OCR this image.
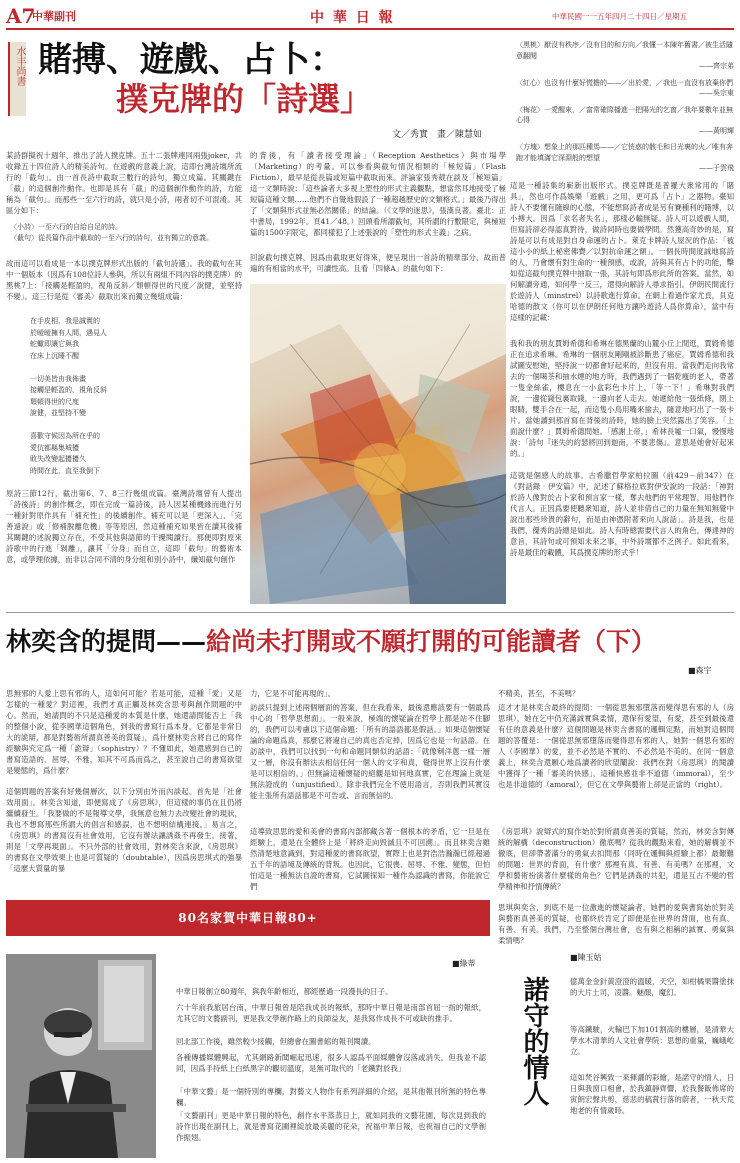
A7
中華副刊	中 華 日 報	中華民國一一五年四月二十四日／星期五
水丰尚書 賭搏、遊戲、占卜：
撲克牌的「詩選」
文／秀實　畫／陳慧如
某詩群擬祝十週年，推出了詩人撲克牌。五十二張牌連同兩張joker，共收錄五十四位詩人的精美詩句。在遊戲的意義上說，這即台灣詩壇所流行的「截句」。由一首長詩中截取三數行的詩句，獨立成篇。其關鍵在「截」的這個創作動作。也即是具有「截」的這個創作動作的詩，方能稱為「截句」。而那些一至六行的詩，就只是小詩，兩者切不可混淆。其區分如下：
〈小詩〉一至六行的自給自足的詩。
〈截句〉從長篇作品中截取的一至六行的詩句，並有獨立的意義。
故而這可以看成是一本以撲克牌形式出版的「截句詩選」。我的截句在其中一個版本（因爲有108位詩人參與，所以有兩組不同內容的撲克牌）的黑桃7上：「接觸是輕盈的，視角反斜／頹頓得世的尺度／說健，並堅持不變」。這三行是從〈審美〉截取出來而獨立幾組成篇：
在手皮相，我是誠實的
於暧暧擁有人間，遇見人
蛇蠍即讓它與我
在床上沉睡不醒

一切美皆由我佈畫
接觸是輕盈的，視角反斜
頹頓得世的尺度
說健，並堅持不變

喜歡守候因為所在乎的
愛伉都縣集城擾
敗失改變起擾擾久
時間在此，直至我倒下
原詩三節12行，截出第6、7、8三行幾組成篇。臺灣詩壇曾有人提出「詩後詩」的創作概念，即在完成一篇詩後，詩人因某種機緣而進行另一種針對原作具有「補充性」的後續創作。補充可以是「更深入」、「完善遠說」或「修補脫離危機」等等原因，然這種補充如果皆在讀其後補其關鍵的述說獨立存在，不受其他與語節的干擾閱讀行。那便即對原來詩歌中的行進「剝離」，讓其「分身」而自立，這即「截句」的藝術本意，或學理依據，而非以合同不清的身分組和別小詩中，纖知截句創作
的背後，有「讀者接受理論」（Reception Aesthetics）與市場學（Marketing）的考量。可以參看與截句情況相類的「極短篇」（Flash Fiction），最早是從長篇或短篇中截取而來。評論家張秀葳在談及「極短篇」這一文類時說：「這些論者大多視上塑性的形式主義觀點，想當然耳地接受了極短篇這種文類……他們不自覺地假設了一種超越歷史的文類格式。」最後乃得出了「文類與形式並無必然關係」的結論。（《文學的迷思》，張漢良著。臺北：正中書局，1992年。頁41／48。）回頭看所謂截句，其所謂的行數限定，與極短篇的1500字限定，都同樣犯了上述張說的「塑性的形式主義」之病。
回說截句撲克牌，因爲由截取更好得來，便呈現出一首詩的精華部分，故而普遍的有相當的水平，可讀性高。且看「四條A」的截句如下：
〈黑桃〉厭沒有秩序／沒有目的和方向／我懂一本陳年舊書／被生活隨意翻閱
——齊宗弟
〈紅心〉也沒有什麼好慌擔的——／出於愛，／我也一直沒有放棄你們
——吳宗東
〈梅花〉一愛醒來，／富常確際播進一把陽光的乞窗／我年要數年並無心得
——黃明輝
〈方塊〉想象上的那匹種馬——／它恍惑的骸毛和日光裏的火／唯有奔跑才能填滿它深淵般的想望
——于雲飛
這是一種詩集的嶄新出版形式。撲克牌既是普羅大衆常用的「賭具」，然也可作爲娛樂「遊戲」之用，更可爲「占卜」之器物。臺知詩人不要懂有隨線的心態，不能想寫詩者成是另有賽種利的賭博，以小搏大。因爲「求名者失名」，那樣必輸無疑。詩人可以遊戲人間，但寫詩卻必得認真對待，做詩同時也要做學問。然獲高奇妙的是，寫詩是可以有成是對自身命運的占卜。萊克卡牌詩人屋況的作品：「被這小小的紙上秘密佛費／以對抗命運之額」。一個長時間度誠地寫詩的人，乃會懷有對生命的一種預感，或說，詩與其有占卜的功能，擊如從這截句撲克牌中抽取一張，其詩句即爲形此所的答案。當然，如何解讀旁通，如何學一反三，還得向解詩人尋求指引。伊朗民間流行於遊詩人（minstrel）以詩歌進行算命。在網上看過作家尤貞，貝克哈德的散文（你可以在伊朗任何地方讓吟遊詩人爲你算命），當中有這樣的記載：
我和我的朋友賈姆希德和希琳在德黑蘭的山麓小丘上閒逛，賈姆希德正在追求希琳。希琳的一個朋友剛剛被診斷患了癌症，賈姆希德和我試圖安慰她，堅持說一切都會好起來的，但沒有用。當我們走向我常去的一個噶茶和抽水煙的地方時，我們遇到了一個乾瘦的老人，帶著一隻金絲雀，樓息在一小盒彩色卡片上。「等一下！」希琳對我們說，一邊從錢包裏取錢，一邊向老人走去。她遞給他一張紙條，閉上眼睛，雙手合在一起，而這隻小鳥用嘴來撿去，隨意地叼出了一張卡片。當她讀到那首寫在背後的詩時，她的臉上突然露出了笑容。「上面說什麼？」賈姆希德問她。「感謝上帝，」希林長噓一口氣，慢慢地說：「詩句『迷失的約瑟將回到迦南，不要悲傷』。意思是她會好起來的。」
這就是個感人的故事。古希臘哲學家柏拉圖（前429－前347）在《對話錄‧伊安篇》中，記述了蘇格拉底對伊安說的一段話：「神對於詩人像對於占卜家和預言家一樣，奪去他們的平常理智，用他們作代言人。正因爲要使聽衆知道，詩人並非借自己的力量在無知無覺中說出那些珍貴的辭句，而是由神憑附著來向人說話」。詩是我，也是我們，優秀的詩總是如此。詩人有時總需要代言人的角色，傳達神的意旨，其詩句或可預知未來之事，中外詩壇都不乏例子。如此看來，詩是最佳的載體，其爲撲克牌的形式乎！
林奕含的提問——給尚未打開或不願打開的可能讀者（下）
■森宇
思無邪的人愛上思有邪的人，這如何可能？若是可能，這種「愛」又是怎樣的一種愛？對這裡，我們才真正觸及林奕含思考與創作問題的中心。然而，她請問的不只是這種愛的本質是什麼，她還請問能否上「我的整個小說，從李國華這個角色，到我的書寫行爲本身，它都是非常日大的詭辯，都是對藝術所謂真善美的質疑」，爲什麼林奕含將自己的寫作經驗與究定爲一種「詭辯」（sophistry）？不懂如此，她還感到自己的書寫造語的、屈辱、不雅，知其不可爲而爲之，甚至說自己的書寫欲望是變態的，爲什麼？
這個問題的答案有好幾個層次，以下分別由外而內談起。首先是「社會效用面」。林奕含知道，即便寫成了《房思琪》，但這樣的事仍在且仍將繼續發生。「我要做的不是報導文學，我無意也無力去改變社會的現狀，我也不想寫那些所謂大的倡言和感誤，也不想明結構連接。」易言之，《房思琪》的書寫沒有社會效用，它沒有辦法讓誘姦不再發生。接著，則是「文學再現面」。不只外部的社會效用，對林奕含來說，《房思琪》的書寫在文學效果上也是可質疑的（doubtable），因爲房思琪式的強暴「這麼大質量的暴
力，它是不可能再現的」。
訪談只提到上述兩個層面的答案，但在我看來，最後還應該要有一個最爲中心的「哲學思想面」。一般來說，極端的懷疑論在哲學上都是站不住腳的，我們可以考慮以下這個命題：「所有的語語都是假話。」如果這個懷疑論的命題爲真，那麼它將違自己的真也否定掉，因爲它也是一句話語。在訪談中，我們可以找到一句和命題同類似的話語：「就像剜洋蔥一樣一層又一層，你沒有辦法去相信任何一個人的文字和真，覺得世界上沒有什麼是可以相信的。」但無論這種懷疑的絕觀是如何地真實，它在理論上就是無法證成的（unjustified）。除非我們完全不使用語言，否則我們其實沒能主張所有語話都是不可告或、言而無信的。
這導致思思的愛和美會的書寫內部都藏含著一個根本的矛盾，它一旦是在經驗上，還是在全體終上是「將終走向毁滅且不可回溯」。而且林奕含雖然清楚地意識到，對這種愛的書寫欲望，實際上也是對浩浩瀚瀚已經超過五千年的語境及傳統的背叛。也因此，它很喪、屈辱、不雅、變態，但怕怕這是一種無法自證的書寫，它試圖探知一種作為認識的書寫，你能說它們
不精美，甚至，不美嗎？
這才才是林奕含最終的提問：一個從思無邪墮落而變得思有邪的人（房思琪），她在乞中仍充滿誠實與柔情，還保有愛望，有愛，甚至到最後還有任的意義是什麼？這個問題是林奕含書寫的邏輯定點，而她對這個問題的答覆是：一個從思無邪墮落而變得思有邪的人，她對一個思有邪的人（李國華）的愛，並不必然是不實的、不必然是不美的。在同一個意義上，林奕含還願心地爲讀者的欣望闡說：我們在對《房思琪》的閱讀中獲得了一種「審美的快感」，這種快感並非不道德（immoral），至少也是非道德的（amoral），但它在文學與藝術上卻是正當的（right）。
《房思琪》說辯式的寫作始於對所謂真善美的質疑，然而，林奕含對傳統的解構（deconstruction）徹底嗎？從我的觀點來看，她的解構並不徹底，但卻帶著滿分的勇氣去扣問那（同時在邏輯與經驗上都）最艱難的問題：世界的背面，有什麼？那裡有真、有善、有美嗎？在那裡，文學和藝術扮演著什麼樣的角色？它們是誘姦的共犯，還是互古不變的哲學精神和抒情傳統？
思琪與奕含，到底不是一位激進的懷疑論者，她們的愛與書寫始於對美與藝術真善美的質疑，也都終於肯定了即便是在世界的背面，也有真、有善、有美。我們，乃至整個台灣社會，也有與之相稱的誠實、勇氣與柔情嗎？
80名家賀中華日報80+
■綠蒂
中華日報創立80週年，與我年齡相近，都經歷過一段漫長的日子。
六十年前我旅居台南，中華日報曾是陪我成長的報紙，那時中華日報是南部首屈一指的報紙，尤其它的文藝副刊，更是我文學創作路上的良師益友，是我寫作成長不可或缺的推手。
回北部工作後，雖然較少接觸，但總會在圖書館的報刊閱讀。
各種傳播媒體興起，尤其網路新聞崛起迅速，很多人認爲平面媒體會沒落或消失，但我並不認同，因爲手持紙上白紙黑字的觀切溫度，是無可取代的「老鐵對於我」
「中華文藝」是一個特別的專欄，對藝文人物作有系列詳細的介紹，是其他報刊所無的特色專欄。
「文藝副刊」更是中華日報的特色，創作水平蒸蒸日上，就如同我的文藝花園，每次見到我的詩作出現在副刊上，就是書寫花圃裡綻放最美麗的花朵，祝福中華日報，也祝福自己的文學創作振翅。
諾守的情人
■陳玉姑
億萬金金針黃澄澄的溫暖，天空，如柑橘果醬塗抹的大片土司，凌醬。魅顏，魔幻。
等高鐵駛，火輪巴下加101割高的樓層，是清華大學水木清華的人文社會學院：思想的重量，巍峨屹立。
這如梵谷興致一來揮灑的彩繪，是諾守的情人，日日與我窗口相會，於我鎮靜齊響，於我餐飯佈席的寅朗宏聲共剪，慈悲的稿賞行落的蔚者，一秋天荒地老的有情歲時。
